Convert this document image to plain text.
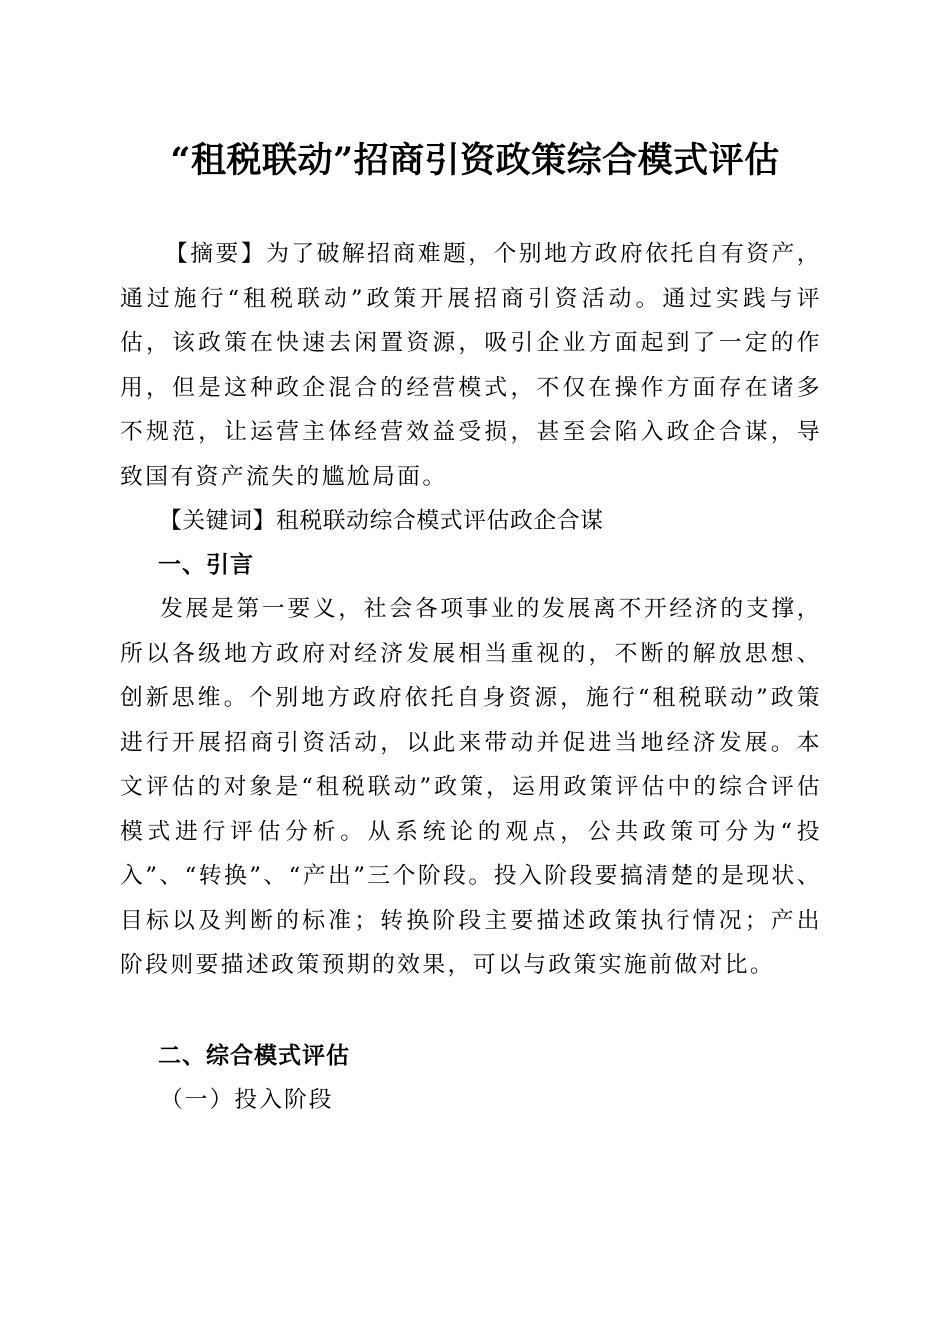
“租税联动”招商引资政策综合模式评估

【摘要】为了破解招商难题，个别地方政府依托自有资产，通过施行“租税联动”政策开展招商引资活动。通过实践与评估，该政策在快速去闲置资源，吸引企业方面起到了一定的作用，但是这种政企混合的经营模式，不仅在操作方面存在诸多不规范，让运营主体经营效益受损，甚至会陷入政企合谋，导致国有资产流失的尴尬局面。

【关键词】租税联动综合模式评估政企合谋

一、引言

发展是第一要义，社会各项事业的发展离不开经济的支撑，所以各级地方政府对经济发展相当重视的，不断的解放思想、创新思维。个别地方政府依托自身资源，施行“租税联动”政策进行开展招商引资活动，以此来带动并促进当地经济发展。本文评估的对象是“租税联动”政策，运用政策评估中的综合评估模式进行评估分析。从系统论的观点，公共政策可分为“投入”、“转换”、“产出”三个阶段。投入阶段要搞清楚的是现状、目标以及判断的标准；转换阶段主要描述政策执行情况；产出阶段则要描述政策预期的效果，可以与政策实施前做对比。

二、综合模式评估
（一）投入阶段
